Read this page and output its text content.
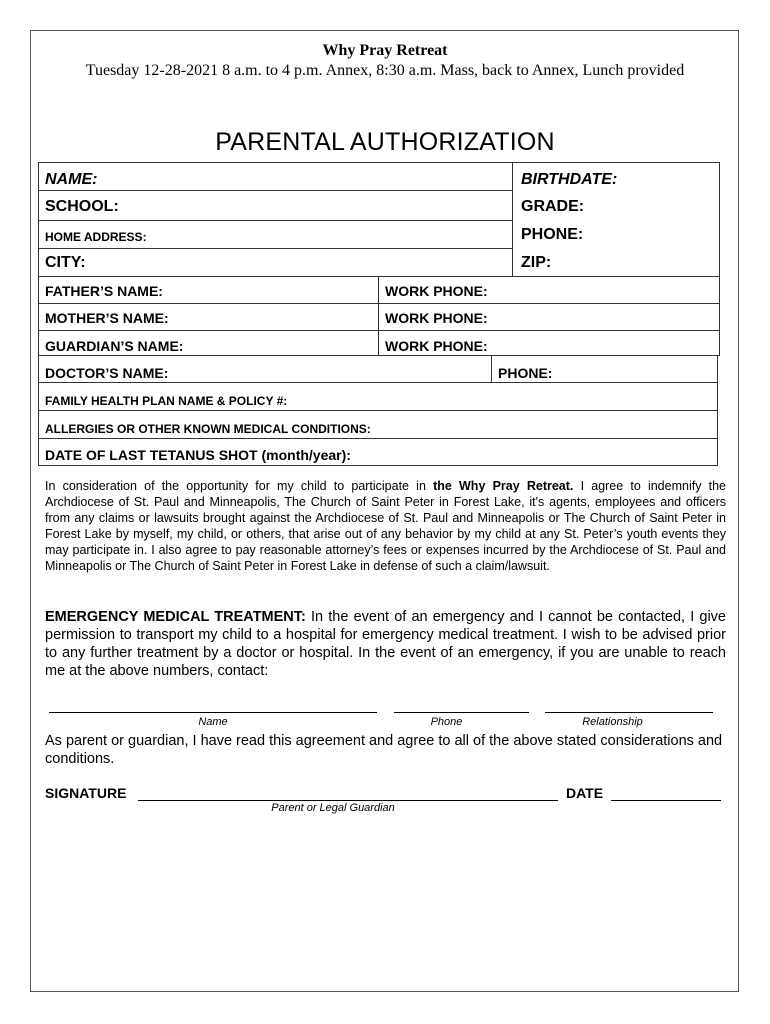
Why Pray Retreat
Tuesday 12-28-2021 8 a.m. to 4 p.m. Annex, 8:30 a.m. Mass, back to Annex, Lunch provided
PARENTAL AUTHORIZATION
NAME:	BIRTHDATE:
SCHOOL:	GRADE:
HOME ADDRESS:	PHONE:
CITY:	ZIP:
FATHER’S NAME:	WORK PHONE:
MOTHER’S NAME:	WORK PHONE:
GUARDIAN’S NAME:	WORK PHONE:
DOCTOR’S NAME:	PHONE:
FAMILY HEALTH PLAN NAME & POLICY #:
ALLERGIES OR OTHER KNOWN MEDICAL CONDITIONS:
DATE OF LAST TETANUS SHOT (month/year):
In consideration of the opportunity for my child to participate in the Why Pray Retreat. I agree to indemnify the Archdiocese of St. Paul and Minneapolis, The Church of Saint Peter in Forest Lake, it's agents, employees and officers from any claims or lawsuits brought against the Archdiocese of St. Paul and Minneapolis or The Church of Saint Peter in Forest Lake by myself, my child, or others, that arise out of any behavior by my child at any St. Peter’s youth events they may participate in. I also agree to pay reasonable attorney’s fees or expenses incurred by the Archdiocese of St. Paul and Minneapolis or The Church of Saint Peter in Forest Lake in defense of such a claim/lawsuit.
EMERGENCY MEDICAL TREATMENT: In the event of an emergency and I cannot be contacted, I give permission to transport my child to a hospital for emergency medical treatment. I wish to be advised prior to any further treatment by a doctor or hospital. In the event of an emergency, if you are unable to reach me at the above numbers, contact:
Name	Phone	Relationship
As parent or guardian, I have read this agreement and agree to all of the above stated considerations and conditions.
SIGNATURE	DATE
Parent or Legal Guardian
